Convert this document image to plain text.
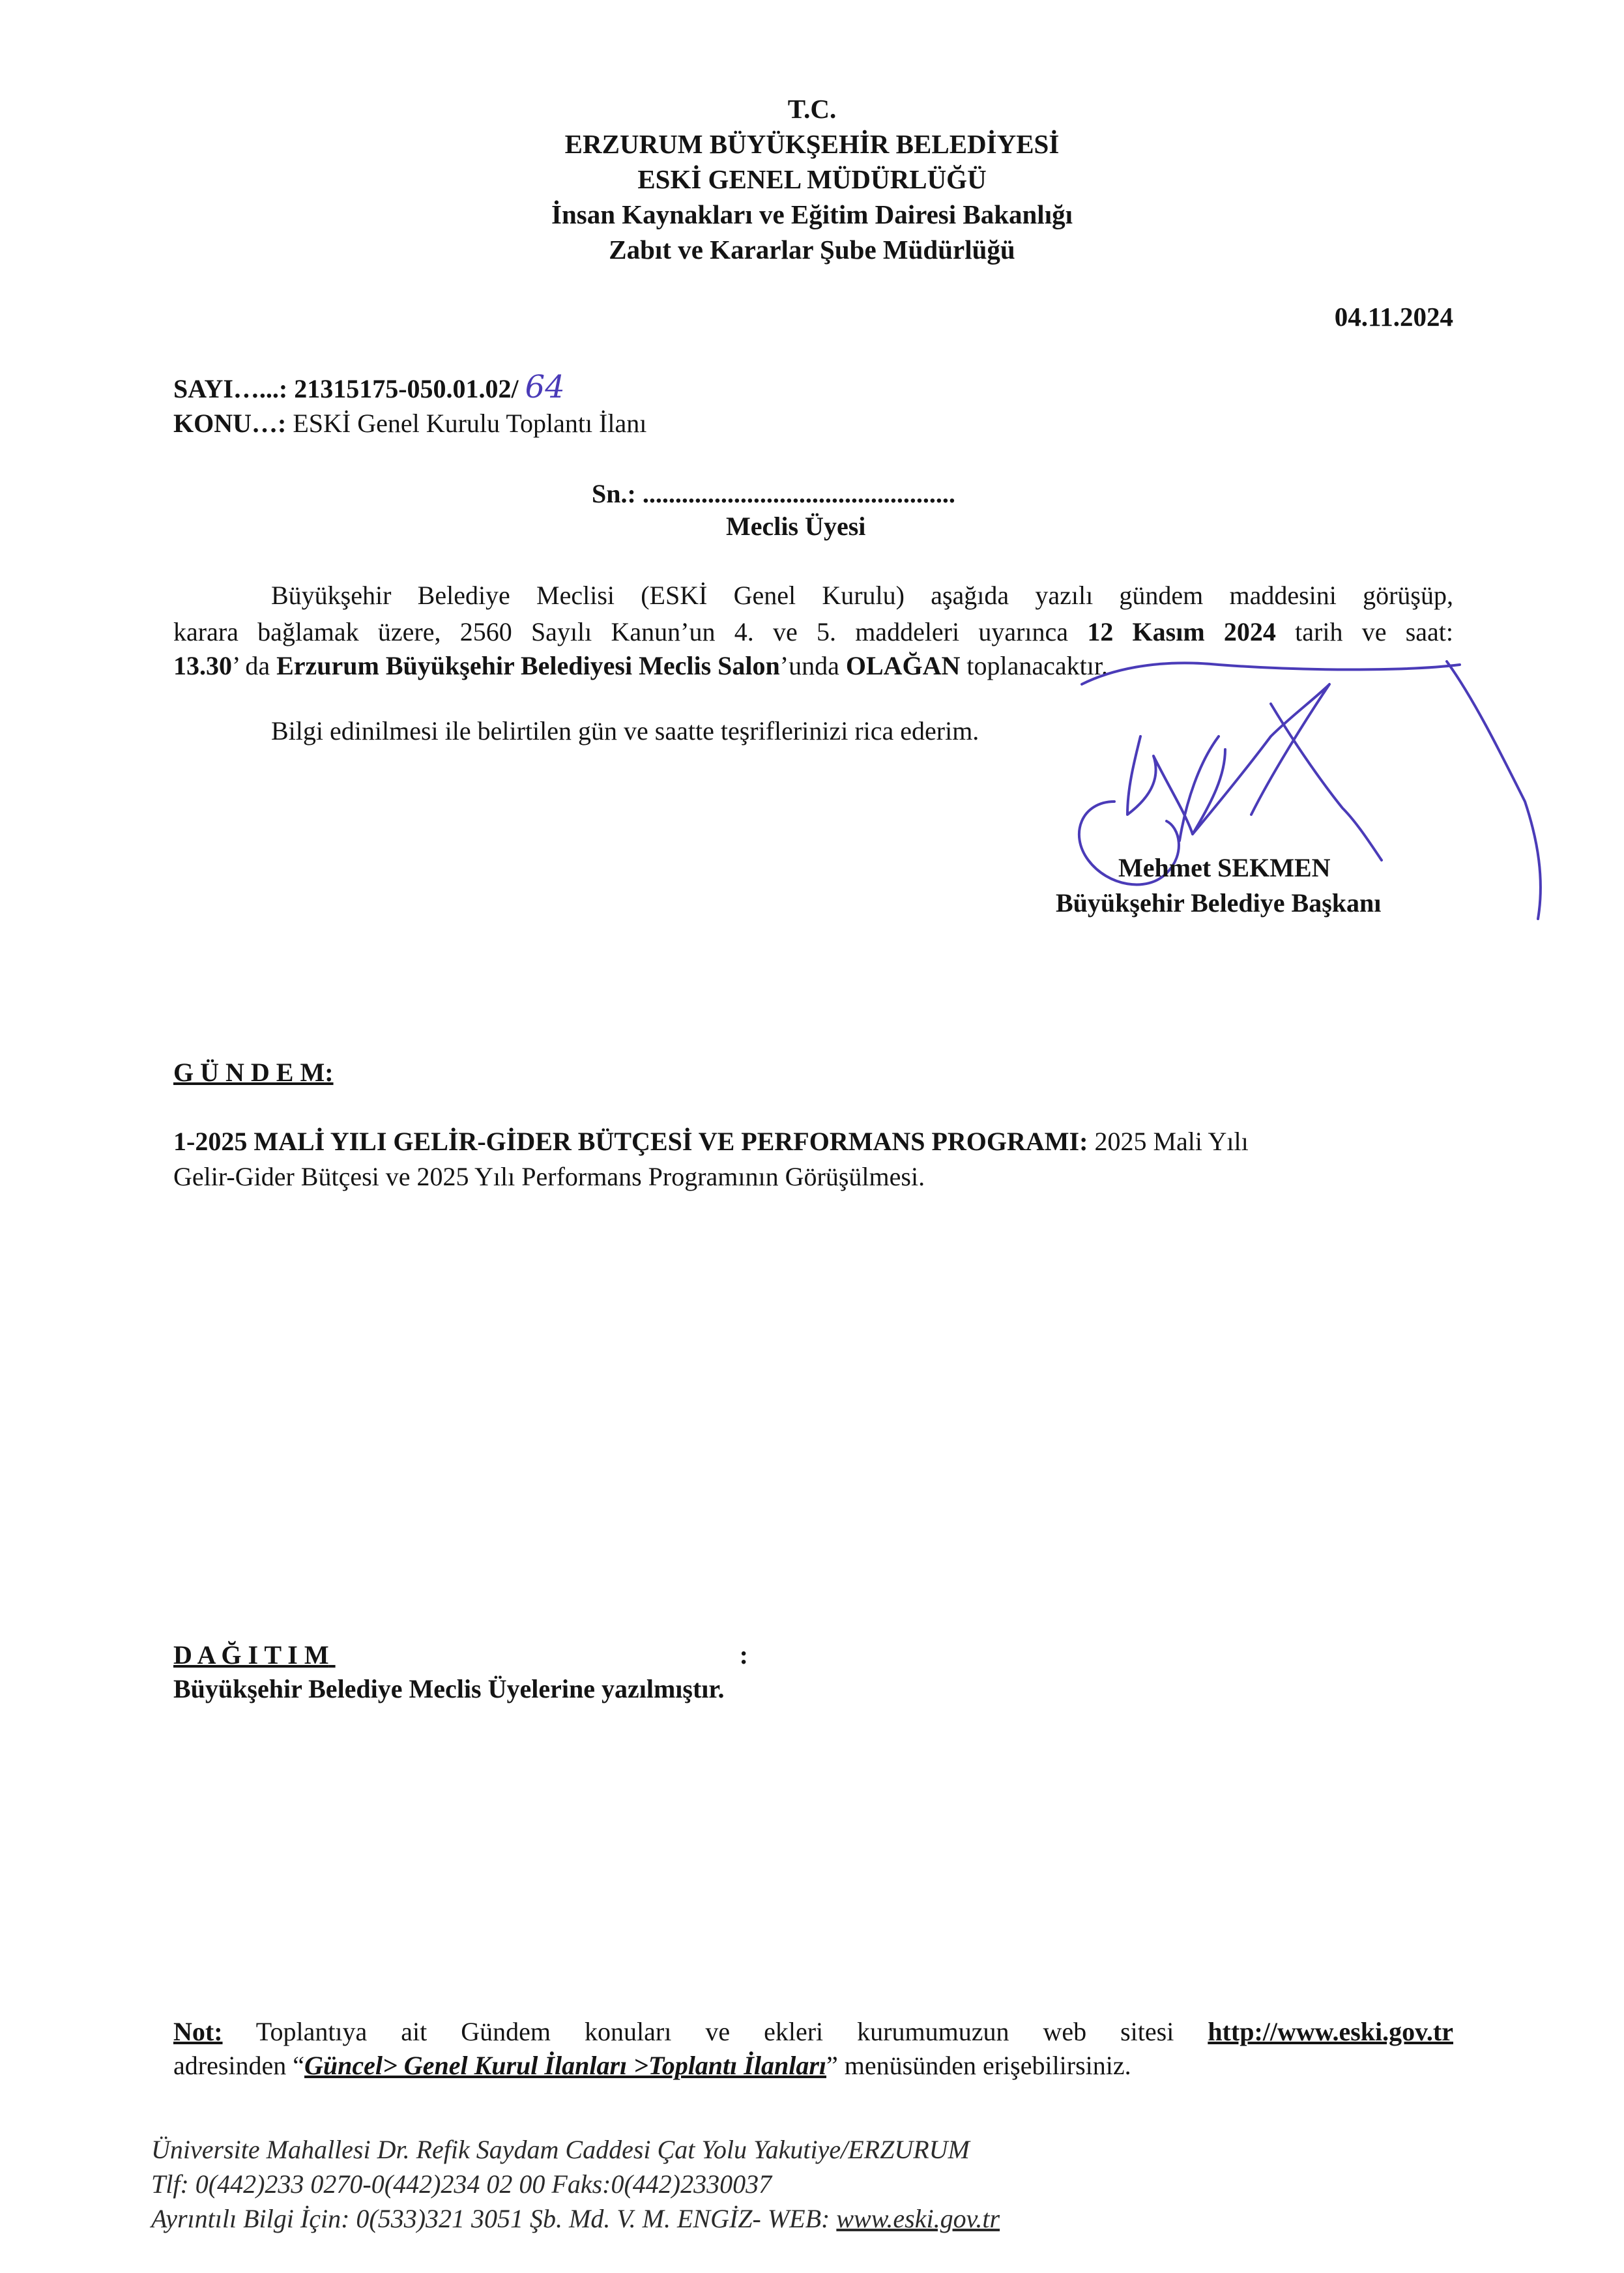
T.C.
ERZURUM BÜYÜKŞEHİR BELEDİYESİ
ESKİ GENEL MÜDÜRLÜĞÜ
İnsan Kaynakları ve Eğitim Dairesi Bakanlığı
Zabıt ve Kararlar Şube Müdürlüğü
04.11.2024
SAYI…...: 21315175-050.01.02/ 64
KONU…: ESKİ Genel Kurulu Toplantı İlanı
Sn.: ................................................
Meclis Üyesi
Büyükşehir Belediye Meclisi (ESKİ Genel Kurulu) aşağıda yazılı gündem maddesini görüşüp,
karara bağlamak üzere, 2560 Sayılı Kanun’un 4. ve 5. maddeleri uyarınca 12 Kasım 2024 tarih ve saat:
13.30’ da Erzurum Büyükşehir Belediyesi Meclis Salon’unda OLAĞAN toplanacaktır.
Bilgi edinilmesi ile belirtilen gün ve saatte teşriflerinizi rica ederim.
Mehmet SEKMEN
Büyükşehir Belediye Başkanı
G Ü N D E M:
1-2025 MALİ YILI GELİR-GİDER BÜTÇESİ VE PERFORMANS PROGRAMI: 2025 Mali Yılı
Gelir-Gider Bütçesi ve 2025 Yılı Performans Programının Görüşülmesi.
D A Ğ I T I M	:

Büyükşehir Belediye Meclis Üyelerine yazılmıştır.
Not: Toplantıya ait Gündem konuları ve ekleri kurumumuzun web sitesi http://www.eski.gov.tr
adresinden “Güncel> Genel Kurul İlanları >Toplantı İlanları” menüsünden erişebilirsiniz.
Üniversite Mahallesi Dr. Refik Saydam Caddesi Çat Yolu Yakutiye/ERZURUM
Tlf: 0(442)233 0270-0(442)234 02 00 Faks:0(442)2330037
Ayrıntılı Bilgi İçin: 0(533)321 3051 Şb. Md. V. M. ENGİZ- WEB: www.eski.gov.tr
